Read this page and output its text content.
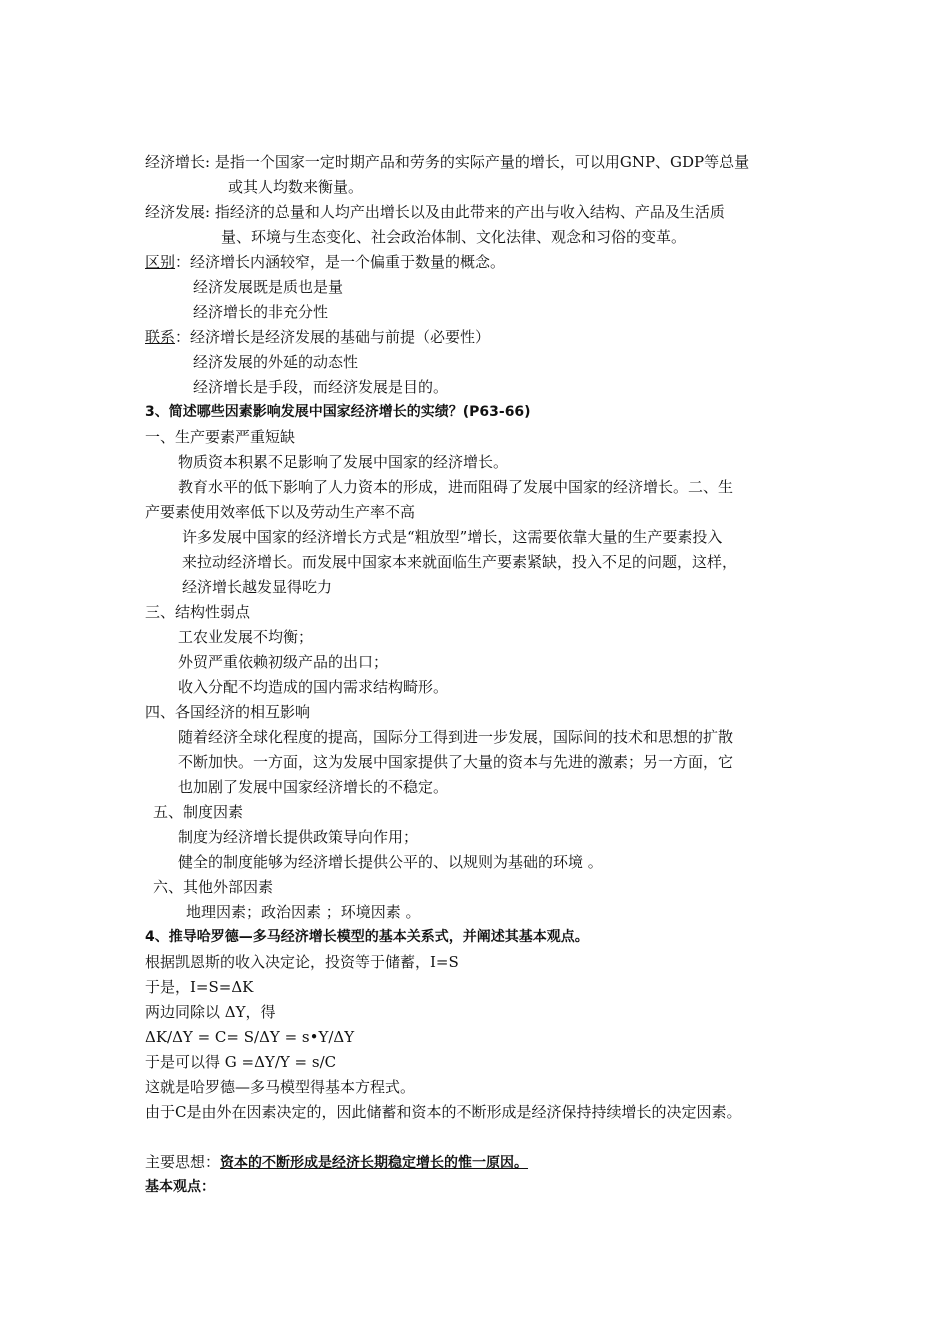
经济增长: 是指一个国家一定时期产品和劳务的实际产量的增长，可以用GNP、GDP等总量
或其人均数来衡量。
经济发展: 指经济的总量和人均产出增长以及由此带来的产出与收入结构、产品及生活质
量、环境与生态变化、社会政治体制、文化法律、观念和习俗的变革。
区别：经济增长内涵较窄，是一个偏重于数量的概念。
经济发展既是质也是量
经济增长的非充分性
联系：经济增长是经济发展的基础与前提（必要性）
经济发展的外延的动态性
经济增长是手段，而经济发展是目的。
3、简述哪些因素影响发展中国家经济增长的实绩？(P63-66)
一、生产要素严重短缺
物质资本积累不足影响了发展中国家的经济增长。
教育水平的低下影响了人力资本的形成，进而阻碍了发展中国家的经济增长。二、生
产要素使用效率低下以及劳动生产率不高
许多发展中国家的经济增长方式是“粗放型”增长，这需要依靠大量的生产要素投入
来拉动经济增长。而发展中国家本来就面临生产要素紧缺，投入不足的问题，这样，
经济增长越发显得吃力
三、结构性弱点
工农业发展不均衡；
外贸严重依赖初级产品的出口；
收入分配不均造成的国内需求结构畸形。
四、各国经济的相互影响
随着经济全球化程度的提高，国际分工得到进一步发展，国际间的技术和思想的扩散
不断加快。一方面，这为发展中国家提供了大量的资本与先进的激素；另一方面，它
也加剧了发展中国家经济增长的不稳定。
五、制度因素
制度为经济增长提供政策导向作用；
健全的制度能够为经济增长提供公平的、以规则为基础的环境 。
六、其他外部因素
地理因素；政治因素 ；环境因素 。
4、推导哈罗德—多马经济增长模型的基本关系式，并阐述其基本观点。
根据凯恩斯的收入决定论，投资等于储蓄，I=S
于是，I=S=ΔK
两边同除以 ΔY，得
ΔK/ΔY = C= S/ΔY = s•Y/ΔY
于是可以得 G =ΔY/Y = s/C
这就是哈罗德—多马模型得基本方程式。
由于C是由外在因素决定的，因此储蓄和资本的不断形成是经济保持持续增长的决定因素。
主要思想：资本的不断形成是经济长期稳定增长的惟一原因。
基本观点：
